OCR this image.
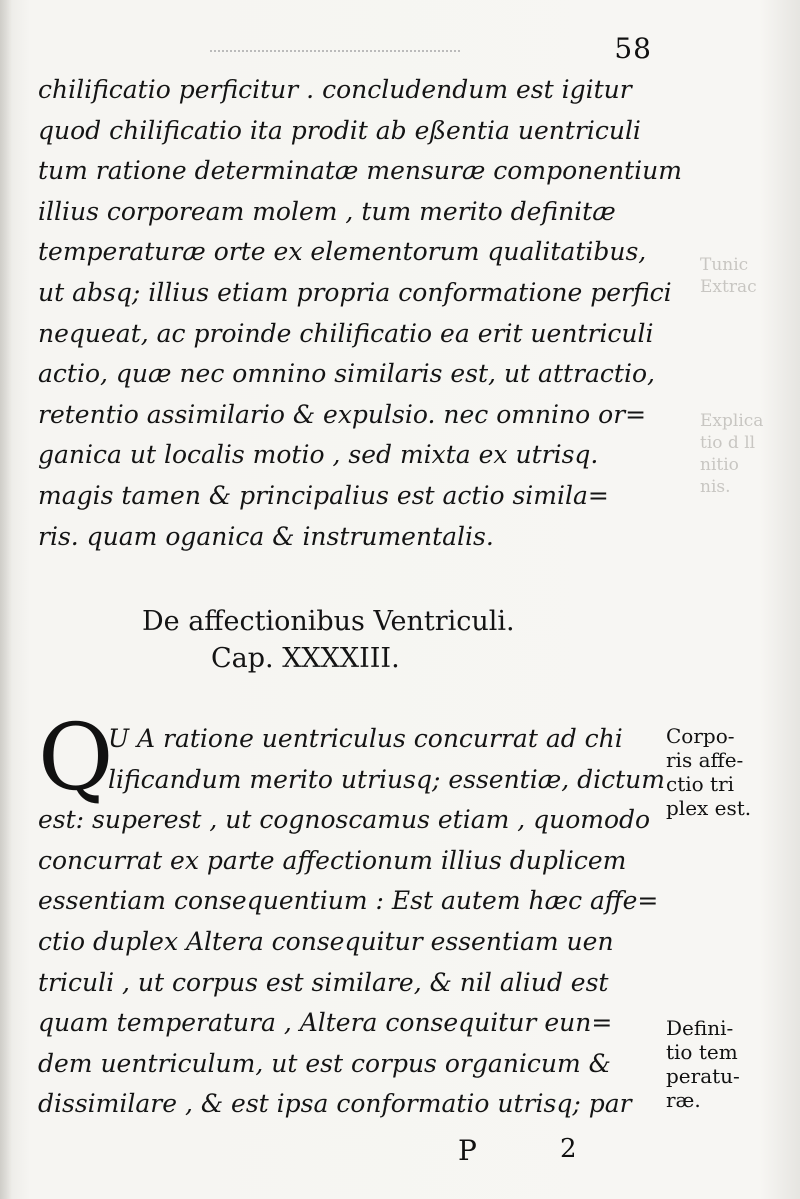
58
chilificatio perficitur . concludendum est igitur
quod chilificatio ita prodit ab eßentia uentriculi
tum ratione determinatæ mensuræ componentium
illius corpoream molem , tum merito definitæ
temperaturæ orte ex elementorum qualitatibus,
ut absq; illius etiam propria conformatione perfici
nequeat, ac proinde chilificatio ea erit uentriculi
actio, quæ nec omnino similaris est, ut attractio,
retentio assimilario & expulsio. nec omnino or=
ganica ut localis motio , sed mixta ex utrisq.
magis tamen & principalius est actio simila=
ris. quam oganica & instrumentalis.
Tunic
Extrac
Explica
tio d ll
nitio
nis.
De affectionibus Ventriculi.
Cap. XXXXIII.
Q
U A ratione uentriculus concurrat ad chi
lificandum merito utriusq; essentiæ, dictum
est: superest , ut cognoscamus etiam , quomodo
concurrat ex parte affectionum illius duplicem
essentiam consequentium : Est autem hæc affe=
ctio duplex Altera consequitur essentiam uen
triculi , ut corpus est similare, & nil aliud est
quam temperatura , Altera consequitur eun=
dem uentriculum, ut est corpus organicum &
dissimilare , & est ipsa conformatio utrisq; par
Corpo-
ris affe-
ctio tri
plex est.
Defini-
tio tem
peratu-
ræ.
P	2
